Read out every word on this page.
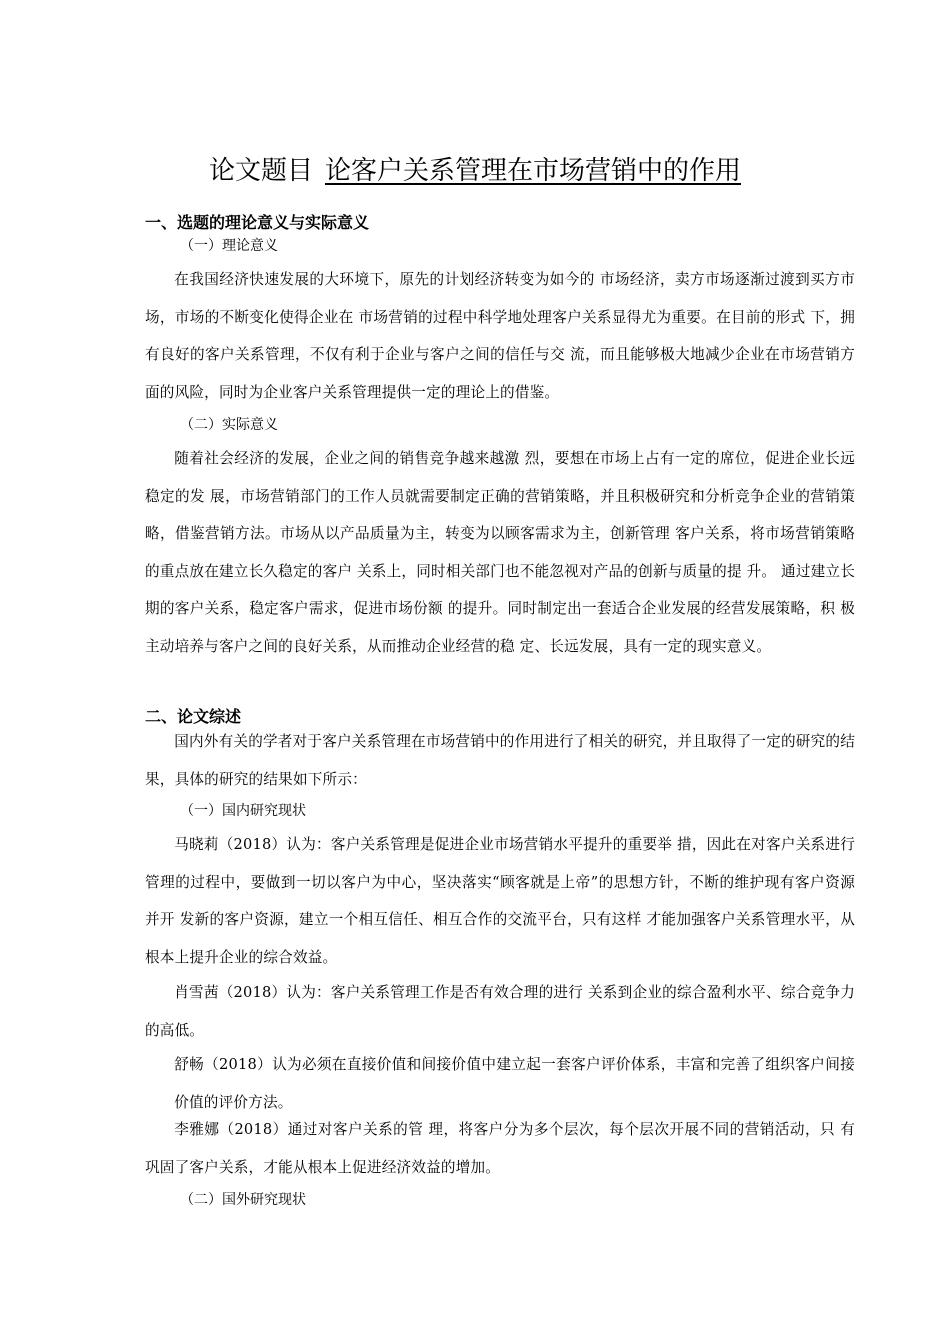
论文题目 论客户关系管理在市场营销中的作用
一、选题的理论意义与实际意义
（一）理论意义
在我国经济快速发展的大环境下，原先的计划经济转变为如今的 市场经济，卖方市场逐渐过渡到买方市场，市场的不断变化使得企业在 市场营销的过程中科学地处理客户关系显得尤为重要。在目前的形式 下，拥有良好的客户关系管理，不仅有利于企业与客户之间的信任与交 流，而且能够极大地减少企业在市场营销方面的风险，同时为企业客户关系管理提供一定的理论上的借鉴。
（二）实际意义
随着社会经济的发展，企业之间的销售竞争越来越激 烈，要想在市场上占有一定的席位，促进企业长远稳定的发 展，市场营销部门的工作人员就需要制定正确的营销策略，并且积极研究和分析竞争企业的营销策略，借鉴营销方法。市场从以产品质量为主，转变为以顾客需求为主，创新管理 客户关系，将市场营销策略的重点放在建立长久稳定的客户 关系上，同时相关部门也不能忽视对产品的创新与质量的提 升。 通过建立长期的客户关系，稳定客户需求，促进市场份额 的提升。同时制定出一套适合企业发展的经营发展策略，积 极主动培养与客户之间的良好关系，从而推动企业经营的稳 定、长远发展，具有一定的现实意义。
二、论文综述
国内外有关的学者对于客户关系管理在市场营销中的作用进行了相关的研究，并且取得了一定的研究的结果，具体的研究的结果如下所示：
（一）国内研究现状
马晓莉（2018）认为：客户关系管理是促进企业市场营销水平提升的重要举 措，因此在对客户关系进行管理的过程中，要做到一切以客户为中心，坚决落实“顾客就是上帝”的思想方针，不断的维护现有客户资源并开 发新的客户资源，建立一个相互信任、相互合作的交流平台，只有这样 才能加强客户关系管理水平，从根本上提升企业的综合效益。
肖雪茜（2018）认为：客户关系管理工作是否有效合理的进行 关系到企业的综合盈利水平、综合竞争力的高低。
舒畅（2018）认为必须在直接价值和间接价值中建立起一套客户评价体系，丰富和完善了组织客户间接价值的评价方法。
李雅娜（2018）通过对客户关系的管 理，将客户分为多个层次，每个层次开展不同的营销活动，只 有巩固了客户关系，才能从根本上促进经济效益的增加。
（二）国外研究现状
